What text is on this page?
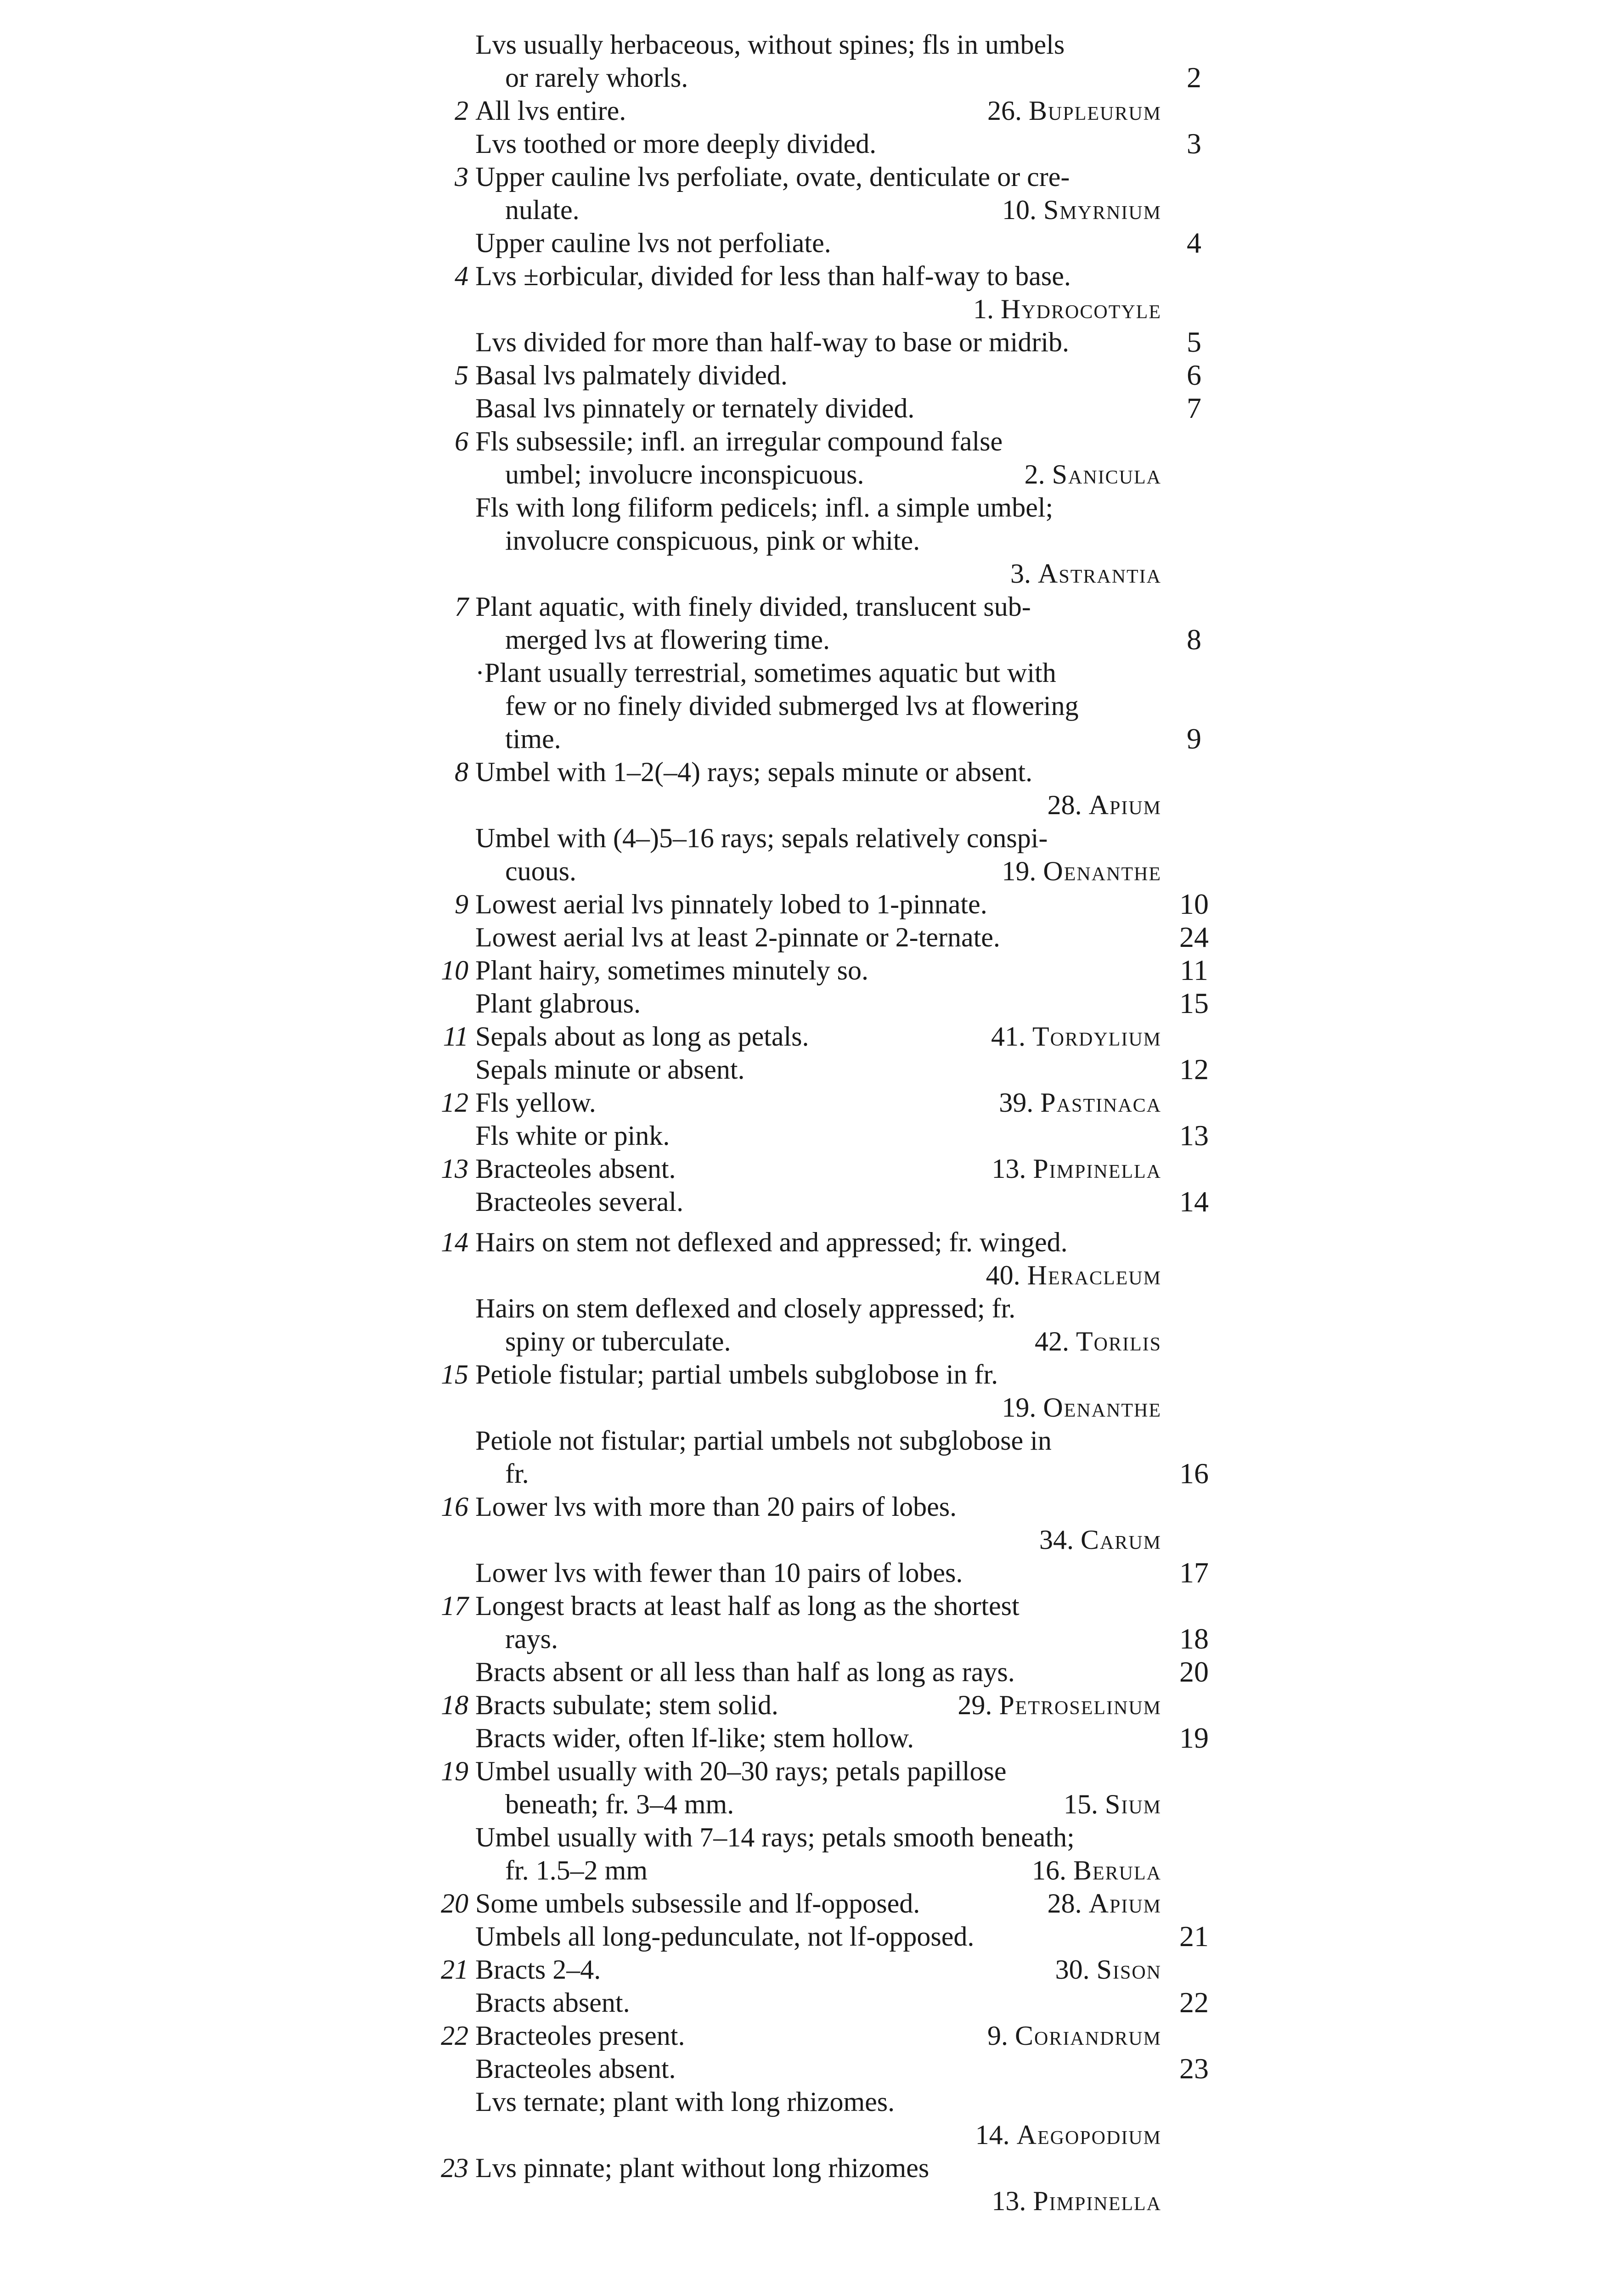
Lvs usually herbaceous, without spines; fls in umbels
or rarely whorls.	2
2 All lvs entire.	26. Bupleurum
Lvs toothed or more deeply divided.	3
3 Upper cauline lvs perfoliate, ovate, denticulate or cre-
nulate.	10. Smyrnium
Upper cauline lvs not perfoliate.	4
4 Lvs ±orbicular, divided for less than half-way to base.
1. Hydrocotyle
Lvs divided for more than half-way to base or midrib.	5
5 Basal lvs palmately divided.	6
Basal lvs pinnately or ternately divided.	7
6 Fls subsessile; infl. an irregular compound false
umbel; involucre inconspicuous.	2. Sanicula
Fls with long filiform pedicels; infl. a simple umbel;
involucre conspicuous, pink or white.
3. Astrantia
7 Plant aquatic, with finely divided, translucent sub-
merged lvs at flowering time.	8
·Plant usually terrestrial, sometimes aquatic but with
few or no finely divided submerged lvs at flowering
time.	9
8 Umbel with 1–2(–4) rays; sepals minute or absent.
28. Apium
Umbel with (4–)5–16 rays; sepals relatively conspi-
cuous.	19. Oenanthe
9 Lowest aerial lvs pinnately lobed to 1-pinnate.	10
Lowest aerial lvs at least 2-pinnate or 2-ternate.	24
10 Plant hairy, sometimes minutely so.	11
Plant glabrous.	15
11 Sepals about as long as petals.	41. Tordylium
Sepals minute or absent.	12
12 Fls yellow.	39. Pastinaca
Fls white or pink.	13
13 Bracteoles absent.	13. Pimpinella
Bracteoles several.	14
14 Hairs on stem not deflexed and appressed; fr. winged.
40. Heracleum
Hairs on stem deflexed and closely appressed; fr.
spiny or tuberculate.	42. Torilis
15 Petiole fistular; partial umbels subglobose in fr.
19. Oenanthe
Petiole not fistular; partial umbels not subglobose in
fr.	16
16 Lower lvs with more than 20 pairs of lobes.
34. Carum
Lower lvs with fewer than 10 pairs of lobes.	17
17 Longest bracts at least half as long as the shortest
rays.	18
Bracts absent or all less than half as long as rays.	20
18 Bracts subulate; stem solid.	29. Petroselinum
Bracts wider, often lf-like; stem hollow.	19
19 Umbel usually with 20–30 rays; petals papillose
beneath; fr. 3–4 mm.	15. Sium
Umbel usually with 7–14 rays; petals smooth beneath;
fr. 1.5–2 mm	16. Berula
20 Some umbels subsessile and lf-opposed.	28. Apium
Umbels all long-pedunculate, not lf-opposed.	21
21 Bracts 2–4.	30. Sison
Bracts absent.	22
22 Bracteoles present.	9. Coriandrum
Bracteoles absent.	23
Lvs ternate; plant with long rhizomes.
14. Aegopodium
23 Lvs pinnate; plant without long rhizomes
13. Pimpinella
